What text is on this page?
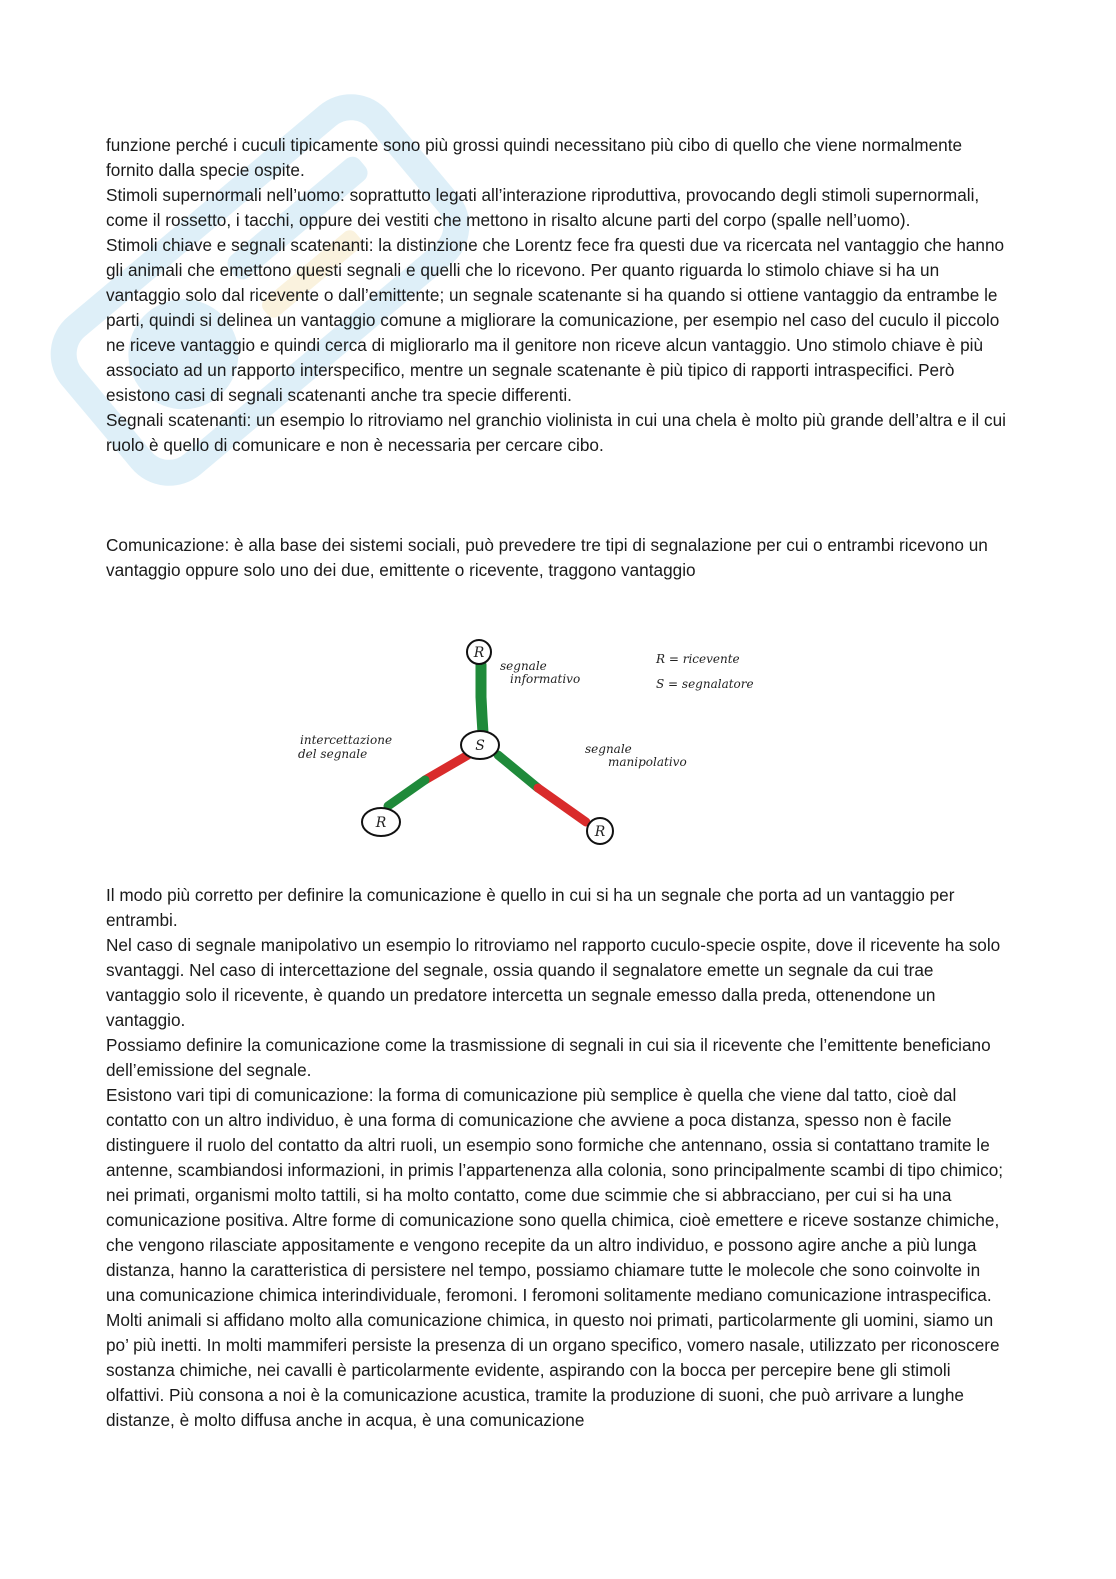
funzione perché i cuculi tipicamente sono più grossi quindi necessitano più cibo di quello che viene normalmente fornito dalla specie ospite.

Stimoli supernormali nell’uomo: soprattutto legati all’interazione riproduttiva, provocando degli stimoli supernormali, come il rossetto, i tacchi, oppure dei vestiti che mettono in risalto alcune parti del corpo (spalle nell’uomo).

Stimoli chiave e segnali scatenanti: la distinzione che Lorentz fece fra questi due va ricercata nel vantaggio che hanno gli animali che emettono questi segnali e quelli che lo ricevono. Per quanto riguarda lo stimolo chiave si ha un vantaggio solo dal ricevente o dall’emittente; un segnale scatenante si ha quando si ottiene vantaggio da entrambe le parti, quindi si delinea un vantaggio comune a migliorare la comunicazione, per esempio nel caso del cuculo il piccolo ne riceve vantaggio e quindi cerca di migliorarlo ma il genitore non riceve alcun vantaggio. Uno stimolo chiave è più associato ad un rapporto interspecifico, mentre un segnale scatenante è più tipico di rapporti intraspecifici. Però esistono casi di segnali scatenanti anche tra specie differenti.

Segnali scatenanti: un esempio lo ritroviamo nel granchio violinista in cui una chela è molto più grande dell’altra e il cui ruolo è quello di comunicare e non è necessaria per cercare cibo.

Comunicazione: è alla base dei sistemi sociali, può prevedere tre tipi di segnalazione per cui o entrambi ricevono un vantaggio oppure solo uno dei due, emittente o ricevente, traggono vantaggio

R
S
R
R
segnale
informativo
intercettazione
del segnale	segnale
manipolativo
R = ricevente
S = segnalatore

Il modo più corretto per definire la comunicazione è quello in cui si ha un segnale che porta ad un vantaggio per entrambi.

Nel caso di segnale manipolativo un esempio lo ritroviamo nel rapporto cuculo-specie ospite, dove il ricevente ha solo svantaggi. Nel caso di intercettazione del segnale, ossia quando il segnalatore emette un segnale da cui trae vantaggio solo il ricevente, è quando un predatore intercetta un segnale emesso dalla preda, ottenendone un vantaggio.

Possiamo definire la comunicazione come la trasmissione di segnali in cui sia il ricevente che l’emittente beneficiano dell’emissione del segnale.

Esistono vari tipi di comunicazione: la forma di comunicazione più semplice è quella che viene dal tatto, cioè dal contatto con un altro individuo, è una forma di comunicazione che avviene a poca distanza, spesso non è facile distinguere il ruolo del contatto da altri ruoli, un esempio sono formiche che antennano, ossia si contattano tramite le antenne, scambiandosi informazioni, in primis l’appartenenza alla colonia, sono principalmente scambi di tipo chimico; nei primati, organismi molto tattili, si ha molto contatto, come due scimmie che si abbracciano, per cui si ha una comunicazione positiva. Altre forme di comunicazione sono quella chimica, cioè emettere e riceve sostanze chimiche, che vengono rilasciate appositamente e vengono recepite da un altro individuo, e possono agire anche a più lunga distanza, hanno la caratteristica di persistere nel tempo, possiamo chiamare tutte le molecole che sono coinvolte in una comunicazione chimica interindividuale, feromoni. I feromoni solitamente mediano comunicazione intraspecifica. Molti animali si affidano molto alla comunicazione chimica, in questo noi primati, particolarmente gli uomini, siamo un po’ più inetti. In molti mammiferi persiste la presenza di un organo specifico, vomero nasale, utilizzato per riconoscere sostanza chimiche, nei cavalli è particolarmente evidente, aspirando con la bocca per percepire bene gli stimoli olfattivi. Più consona a noi è la comunicazione acustica, tramite la produzione di suoni, che può arrivare a lunghe distanze, è molto diffusa anche in acqua, è una comunicazione
